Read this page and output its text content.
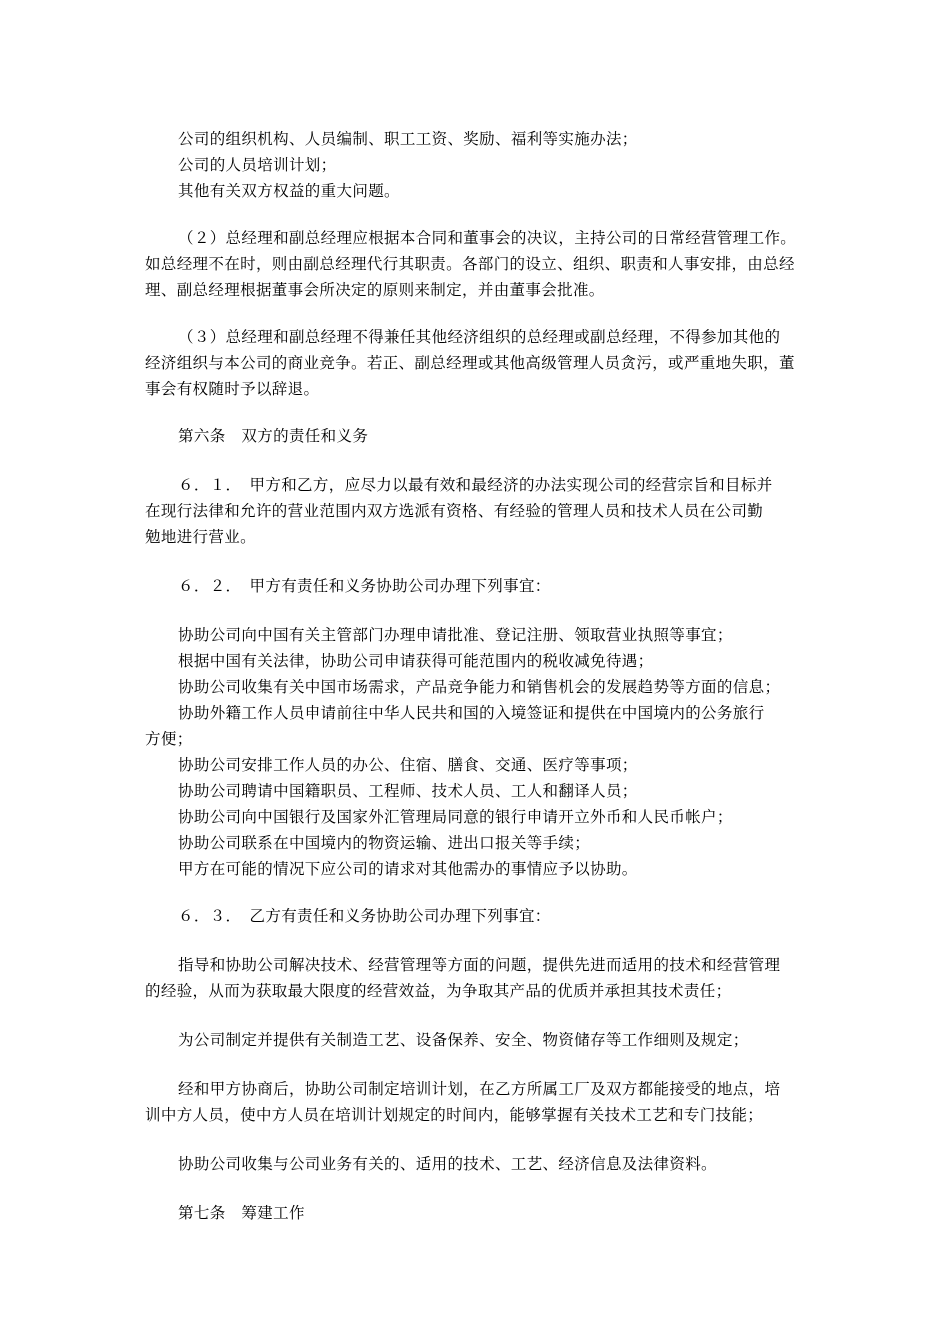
公司的组织机构、人员编制、职工工资、奖励、福利等实施办法；

公司的人员培训计划；

其他有关双方权益的重大问题。

（２）总经理和副总经理应根据本合同和董事会的决议，主持公司的日常经营管理工作。

如总经理不在时，则由副总经理代行其职责。各部门的设立、组织、职责和人事安排，由总经

理、副总经理根据董事会所决定的原则来制定，并由董事会批准。

（３）总经理和副总经理不得兼任其他经济组织的总经理或副总经理，不得参加其他的

经济组织与本公司的商业竞争。若正、副总经理或其他高级管理人员贪污，或严重地失职，董

事会有权随时予以辞退。

第六条　双方的责任和义务

６．１．　甲方和乙方，应尽力以最有效和最经济的办法实现公司的经营宗旨和目标并

在现行法律和允许的营业范围内双方选派有资格、有经验的管理人员和技术人员在公司勤

勉地进行营业。

６．２．　甲方有责任和义务协助公司办理下列事宜：

协助公司向中国有关主管部门办理申请批准、登记注册、领取营业执照等事宜；

根据中国有关法律，协助公司申请获得可能范围内的税收减免待遇；

协助公司收集有关中国市场需求，产品竞争能力和销售机会的发展趋势等方面的信息；

协助外籍工作人员申请前往中华人民共和国的入境签证和提供在中国境内的公务旅行

方便；

协助公司安排工作人员的办公、住宿、膳食、交通、医疗等事项；

协助公司聘请中国籍职员、工程师、技术人员、工人和翻译人员；

协助公司向中国银行及国家外汇管理局同意的银行申请开立外币和人民币帐户；

协助公司联系在中国境内的物资运输、进出口报关等手续；

甲方在可能的情况下应公司的请求对其他需办的事情应予以协助。

６．３．　乙方有责任和义务协助公司办理下列事宜：

指导和协助公司解决技术、经营管理等方面的问题，提供先进而适用的技术和经营管理

的经验，从而为获取最大限度的经营效益，为争取其产品的优质并承担其技术责任；

为公司制定并提供有关制造工艺、设备保养、安全、物资储存等工作细则及规定；

经和甲方协商后，协助公司制定培训计划，在乙方所属工厂及双方都能接受的地点，培

训中方人员，使中方人员在培训计划规定的时间内，能够掌握有关技术工艺和专门技能；

协助公司收集与公司业务有关的、适用的技术、工艺、经济信息及法律资料。

第七条　筹建工作
